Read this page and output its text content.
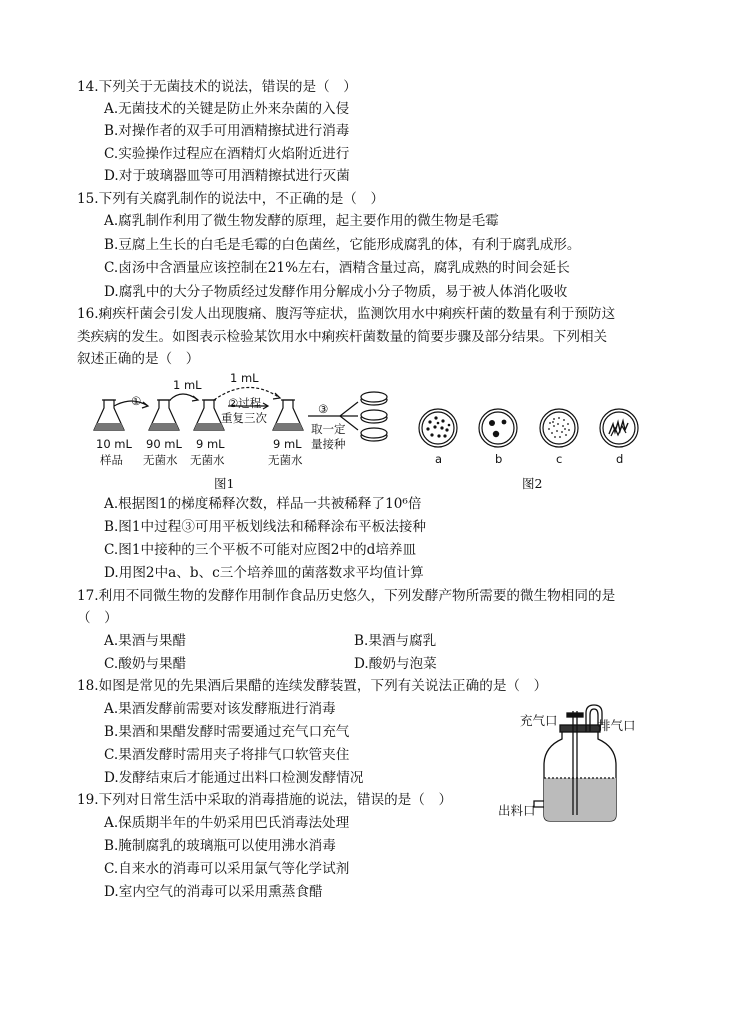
14.下列关于无菌技术的说法，错误的是（　）
A.无菌技术的关键是防止外来杂菌的入侵
B.对操作者的双手可用酒精擦拭进行消毒
C.实验操作过程应在酒精灯火焰附近进行
D.对于玻璃器皿等可用酒精擦拭进行灭菌
15.下列有关腐乳制作的说法中，不正确的是（　）
A.腐乳制作利用了微生物发酵的原理，起主要作用的微生物是毛霉
B.豆腐上生长的白毛是毛霉的白色菌丝，它能形成腐乳的体，有利于腐乳成形。
C.卤汤中含酒量应该控制在21%左右，酒精含量过高，腐乳成熟的时间会延长
D.腐乳中的大分子物质经过发酵作用分解成小分子物质，易于被人体消化吸收
16.痢疾杆菌会引发人出现腹痛、腹泻等症状，监测饮用水中痢疾杆菌的数量有利于预防这
类疾病的发生。如图表示检验某饮用水中痢疾杆菌数量的简要步骤及部分结果。下列相关
叙述正确的是（　）
1 mL 1 mL
①	②过程
重复三次
③
取一定
量接种
10 mL
样品
90 mL
无菌水
9 mL
无菌水
9 mL
无菌水
图1
a	b	c	d
图2
A.根据图1的梯度稀释次数，样品一共被稀释了10⁶倍
B.图1中过程③可用平板划线法和稀释涂布平板法接种
C.图1中接种的三个平板不可能对应图2中的d培养皿
D.用图2中a、b、c三个培养皿的菌落数求平均值计算
17.利用不同微生物的发酵作用制作食品历史悠久，下列发酵产物所需要的微生物相同的是
（　）
A.果酒与果醋	B.果酒与腐乳
C.酸奶与果醋	D.酸奶与泡菜
18.如图是常见的先果酒后果醋的连续发酵装置，下列有关说法正确的是（　）
A.果酒发酵前需要对该发酵瓶进行消毒
B.果酒和果醋发酵时需要通过充气口充气
C.果酒发酵时需用夹子将排气口软管夹住
D.发酵结束后才能通过出料口检测发酵情况
充气口	排气口
出料口
19.下列对日常生活中采取的消毒措施的说法，错误的是（　）
A.保质期半年的牛奶采用巴氏消毒法处理
B.腌制腐乳的玻璃瓶可以使用沸水消毒
C.自来水的消毒可以采用氯气等化学试剂
D.室内空气的消毒可以采用熏蒸食醋
